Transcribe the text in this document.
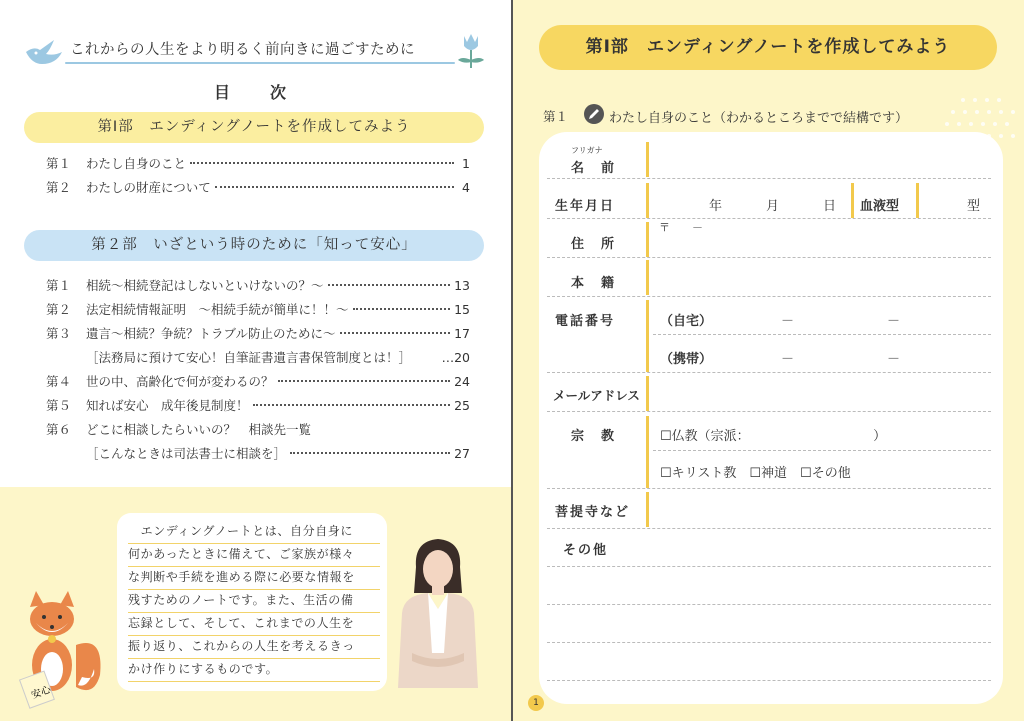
これからの人生をより明るく前向きに過ごすために
目　次
第Ⅰ部　エンディングノートを作成してみよう
第１	わたし自身のこと	1
第２	わたしの財産について	4
第２部　いざという時のために「知って安心」
第１	相続～相続登記はしないといけないの？～	13
第２	法定相続情報証明　～相続手続が簡単に！！～	15
第３	遺言～相続？争続？トラブル防止のために～	17
［法務局に預けて安心！自筆証書遺言書保管制度とは！］ …20
第４	世の中、高齢化で何が変わるの？	24
第５	知れば安心　成年後見制度！	25
第６	どこに相談したらいいの？　相談先一覧
［こんなときは司法書士に相談を］	27
　エンディングノートとは、自分自身に
何かあったときに備えて、ご家族が様々
な判断や手続を進める際に必要な情報を
残すためのノートです。また、生活の備
忘録として、そして、これまでの人生を
振り返り、これからの人生を考えるきっ
かけ作りにするものです。
安心
第Ⅰ部　エンディングノートを作成してみよう
第１	わたし自身のこと（わかるところまでで結構です）
フリガナ
名　前
生年月日	年	月	日 血液型	型
〒　　－
住　所
本　籍
電話番号	（自宅）	－	－
（携帯）	－	－
メールアドレス
宗　教	☐仏教（宗派：　　　　　　　　　　）
☐キリスト教　☐神道　☐その他
菩提寺など
その他
1
